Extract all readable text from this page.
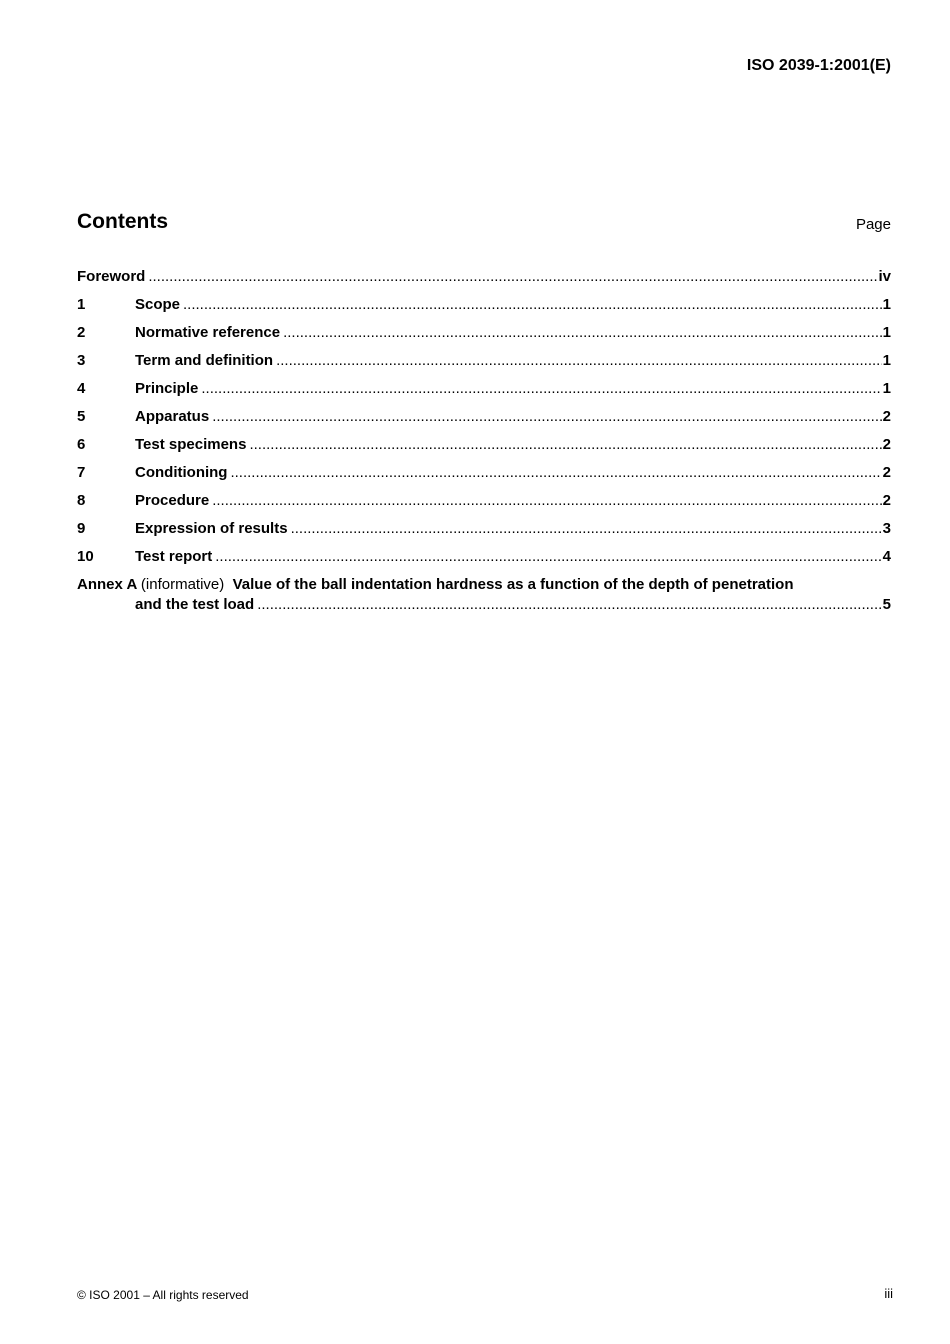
ISO 2039-1:2001(E)
Contents	Page
Foreword .....	iv
1	Scope .....	1
2	Normative reference .....	1
3	Term and definition .....	1
4	Principle .....	1
5	Apparatus .....	2
6	Test specimens .....	2
7	Conditioning .....	2
8	Procedure .....	2
9	Expression of results .....	3
10	Test report .....	4
Annex A (informative) Value of the ball indentation hardness as a function of the depth of penetration
and the test load .....	5
© ISO 2001 – All rights reserved	iii
